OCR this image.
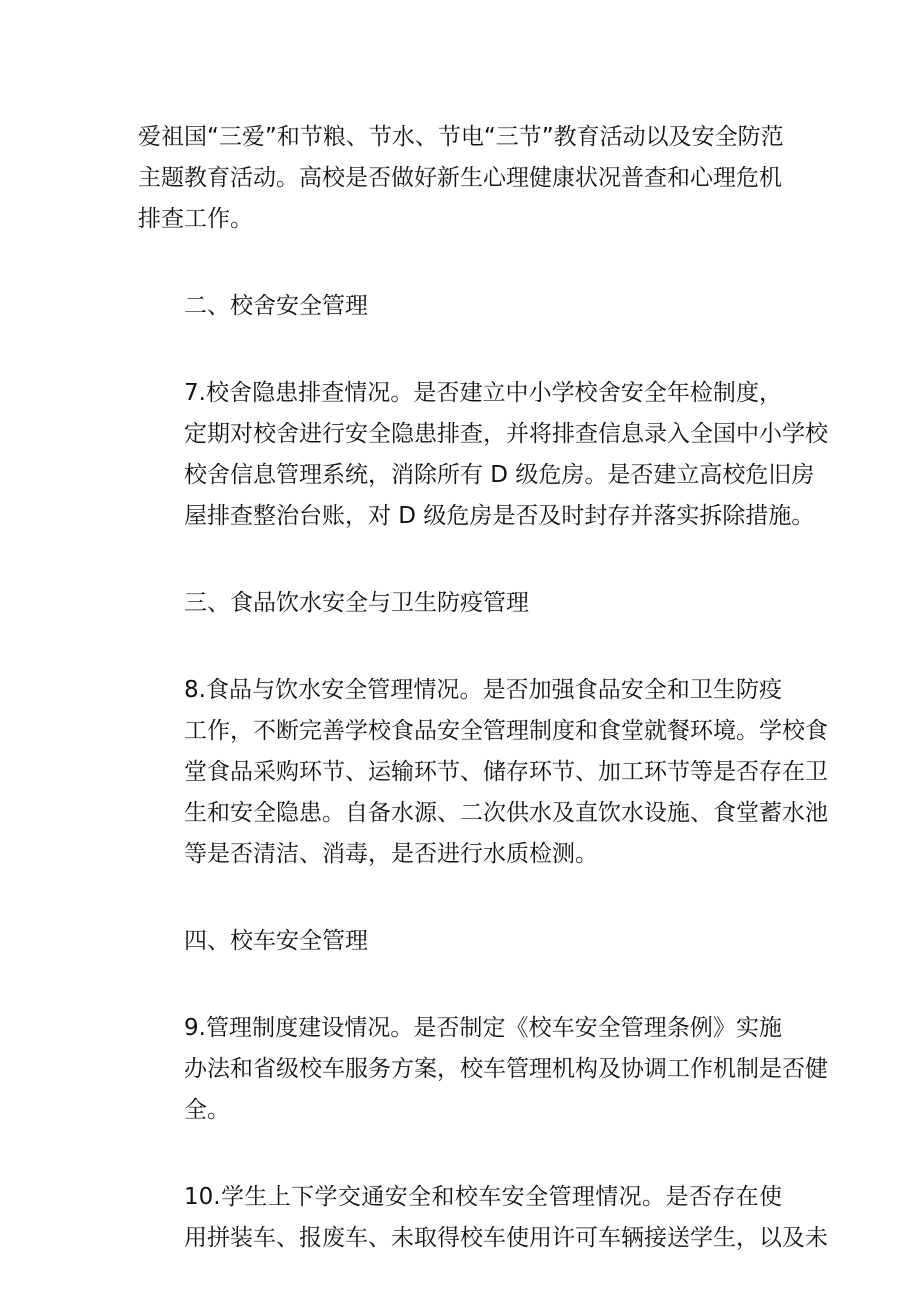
爱祖国“三爱”和节粮、节水、节电“三节”教育活动以及安全防范
主题教育活动。高校是否做好新生心理健康状况普查和心理危机
排查工作。
二、校舍安全管理
7.校舍隐患排查情况。是否建立中小学校舍安全年检制度，
定期对校舍进行安全隐患排查，并将排查信息录入全国中小学校
校舍信息管理系统，消除所有 D 级危房。是否建立高校危旧房
屋排查整治台账，对 D 级危房是否及时封存并落实拆除措施。
三、食品饮水安全与卫生防疫管理
8.食品与饮水安全管理情况。是否加强食品安全和卫生防疫
工作，不断完善学校食品安全管理制度和食堂就餐环境。学校食
堂食品采购环节、运输环节、储存环节、加工环节等是否存在卫
生和安全隐患。自备水源、二次供水及直饮水设施、食堂蓄水池
等是否清洁、消毒，是否进行水质检测。
四、校车安全管理
9.管理制度建设情况。是否制定《校车安全管理条例》实施
办法和省级校车服务方案，校车管理机构及协调工作机制是否健
全。
10.学生上下学交通安全和校车安全管理情况。是否存在使
用拼装车、报废车、未取得校车使用许可车辆接送学生，以及未
